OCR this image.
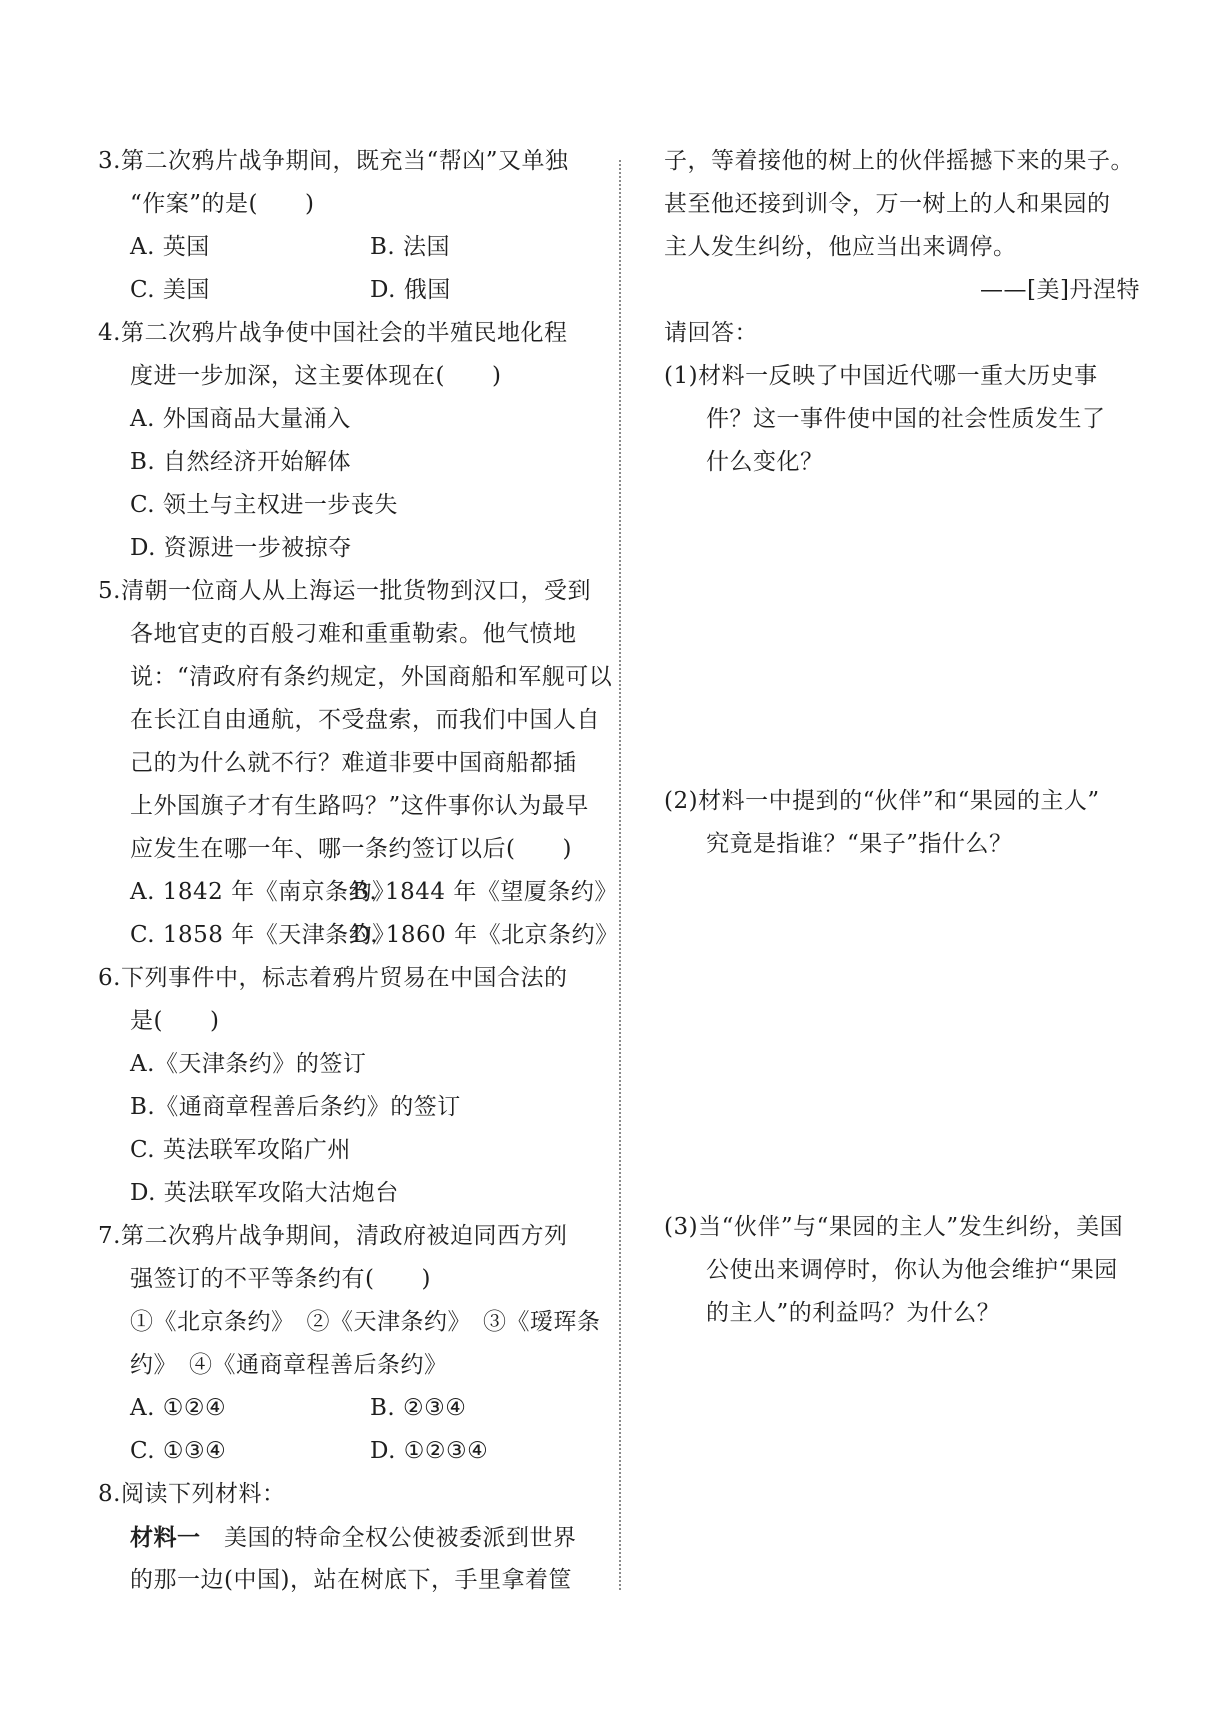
3.第二次鸦片战争期间，既充当“帮凶”又单独
“作案”的是(　　)
A. 英国	B. 法国
C. 美国	D. 俄国
4.第二次鸦片战争使中国社会的半殖民地化程
度进一步加深，这主要体现在(　　)
A. 外国商品大量涌入
B. 自然经济开始解体
C. 领土与主权进一步丧失
D. 资源进一步被掠夺
5.清朝一位商人从上海运一批货物到汉口，受到
各地官吏的百般刁难和重重勒索。他气愤地
说：“清政府有条约规定，外国商船和军舰可以
在长江自由通航，不受盘索，而我们中国人自
己的为什么就不行？难道非要中国商船都插
上外国旗子才有生路吗？”这件事你认为最早
应发生在哪一年、哪一条约签订以后(　　)
A. 1842 年《南京条约》
B. 1844 年《望厦条约》
C. 1858 年《天津条约》
D. 1860 年《北京条约》
6.下列事件中，标志着鸦片贸易在中国合法的
是(　　)
A.《天津条约》的签订
B.《通商章程善后条约》的签订
C. 英法联军攻陷广州
D. 英法联军攻陷大沽炮台
7.第二次鸦片战争期间，清政府被迫同西方列
强签订的不平等条约有(　　)
①《北京条约》　②《天津条约》　③《瑷珲条
约》　④《通商章程善后条约》
A. ①②④	B. ②③④
C. ①③④	D. ①②③④
8.阅读下列材料：
材料一　美国的特命全权公使被委派到世界
的那一边(中国)，站在树底下，手里拿着筐
子，等着接他的树上的伙伴摇撼下来的果子。
甚至他还接到训令，万一树上的人和果园的
主人发生纠纷，他应当出来调停。
——[美]丹涅特
请回答：
(1)材料一反映了中国近代哪一重大历史事
件？这一事件使中国的社会性质发生了
什么变化？
(2)材料一中提到的“伙伴”和“果园的主人”
究竟是指谁？“果子”指什么？
(3)当“伙伴”与“果园的主人”发生纠纷，美国
公使出来调停时，你认为他会维护“果园
的主人”的利益吗？为什么？
